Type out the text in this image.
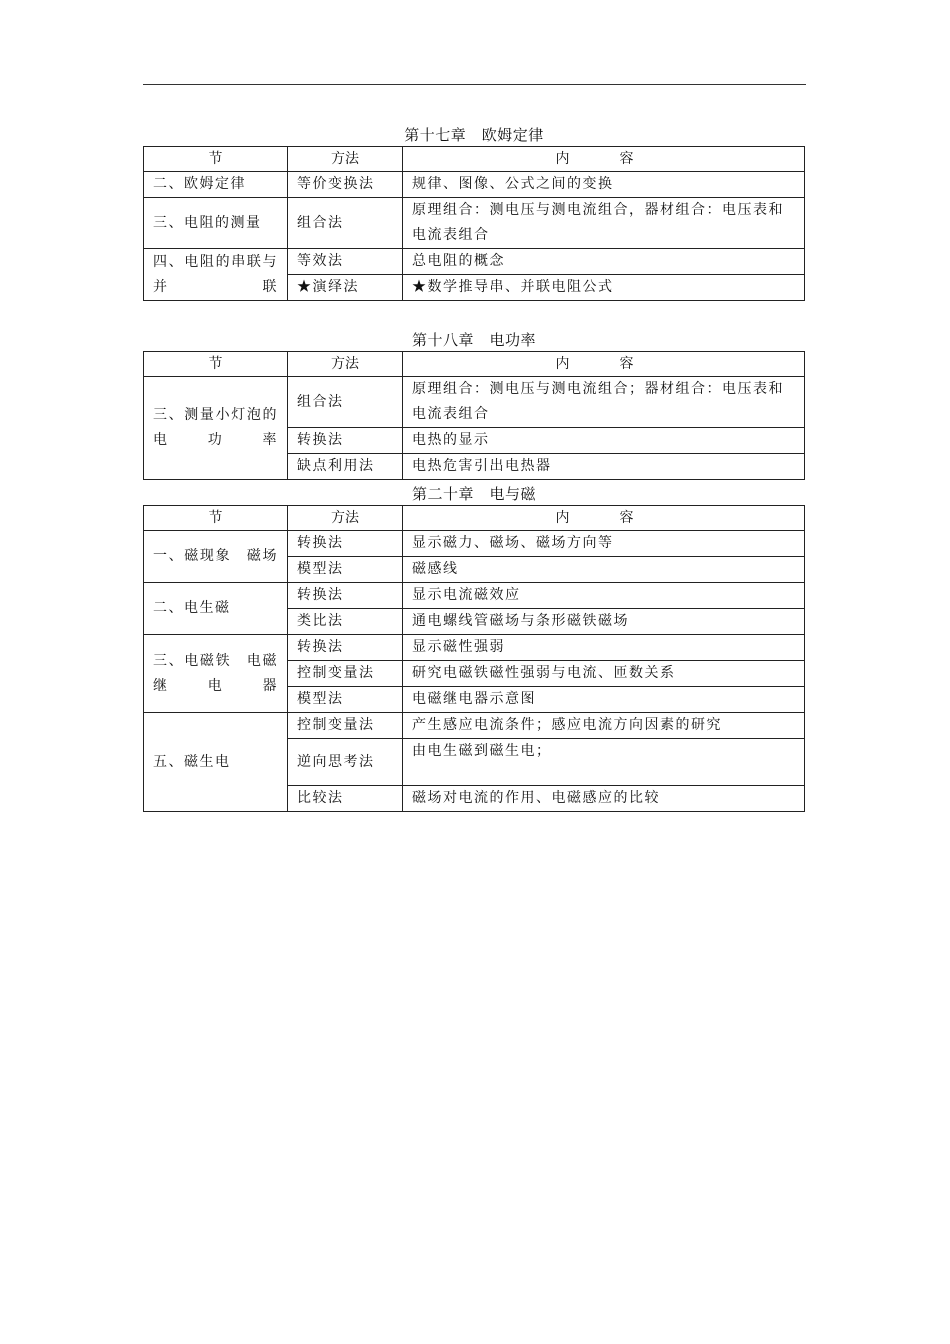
第十七章　欧姆定律
节	方法	内　容
二、欧姆定律	等价变换法	规律、图像、公式之间的变换
三、电阻的测量	组合法	原理组合：测电压与测电流组合，器材组合：电压表和电流表组合
四、电阻的串联与并联	等效法	总电阻的概念
	★演绎法	★数学推导串、并联电阻公式
第十八章　电功率
节	方法	内　容
三、测量小灯泡的电功率	组合法	原理组合：测电压与测电流组合；器材组合：电压表和电流表组合
	转换法	电热的显示
	缺点利用法	电热危害引出电热器
第二十章　电与磁
节	方法	内　容
一、磁现象　磁场	转换法	显示磁力、磁场、磁场方向等
	模型法	磁感线
二、电生磁	转换法	显示电流磁效应
	类比法	通电螺线管磁场与条形磁铁磁场
三、电磁铁　电磁继电器	转换法	显示磁性强弱
	控制变量法	研究电磁铁磁性强弱与电流、匝数关系
	模型法	电磁继电器示意图
五、磁生电	控制变量法	产生感应电流条件；感应电流方向因素的研究
	逆向思考法	由电生磁到磁生电；
	比较法	磁场对电流的作用、电磁感应的比较
